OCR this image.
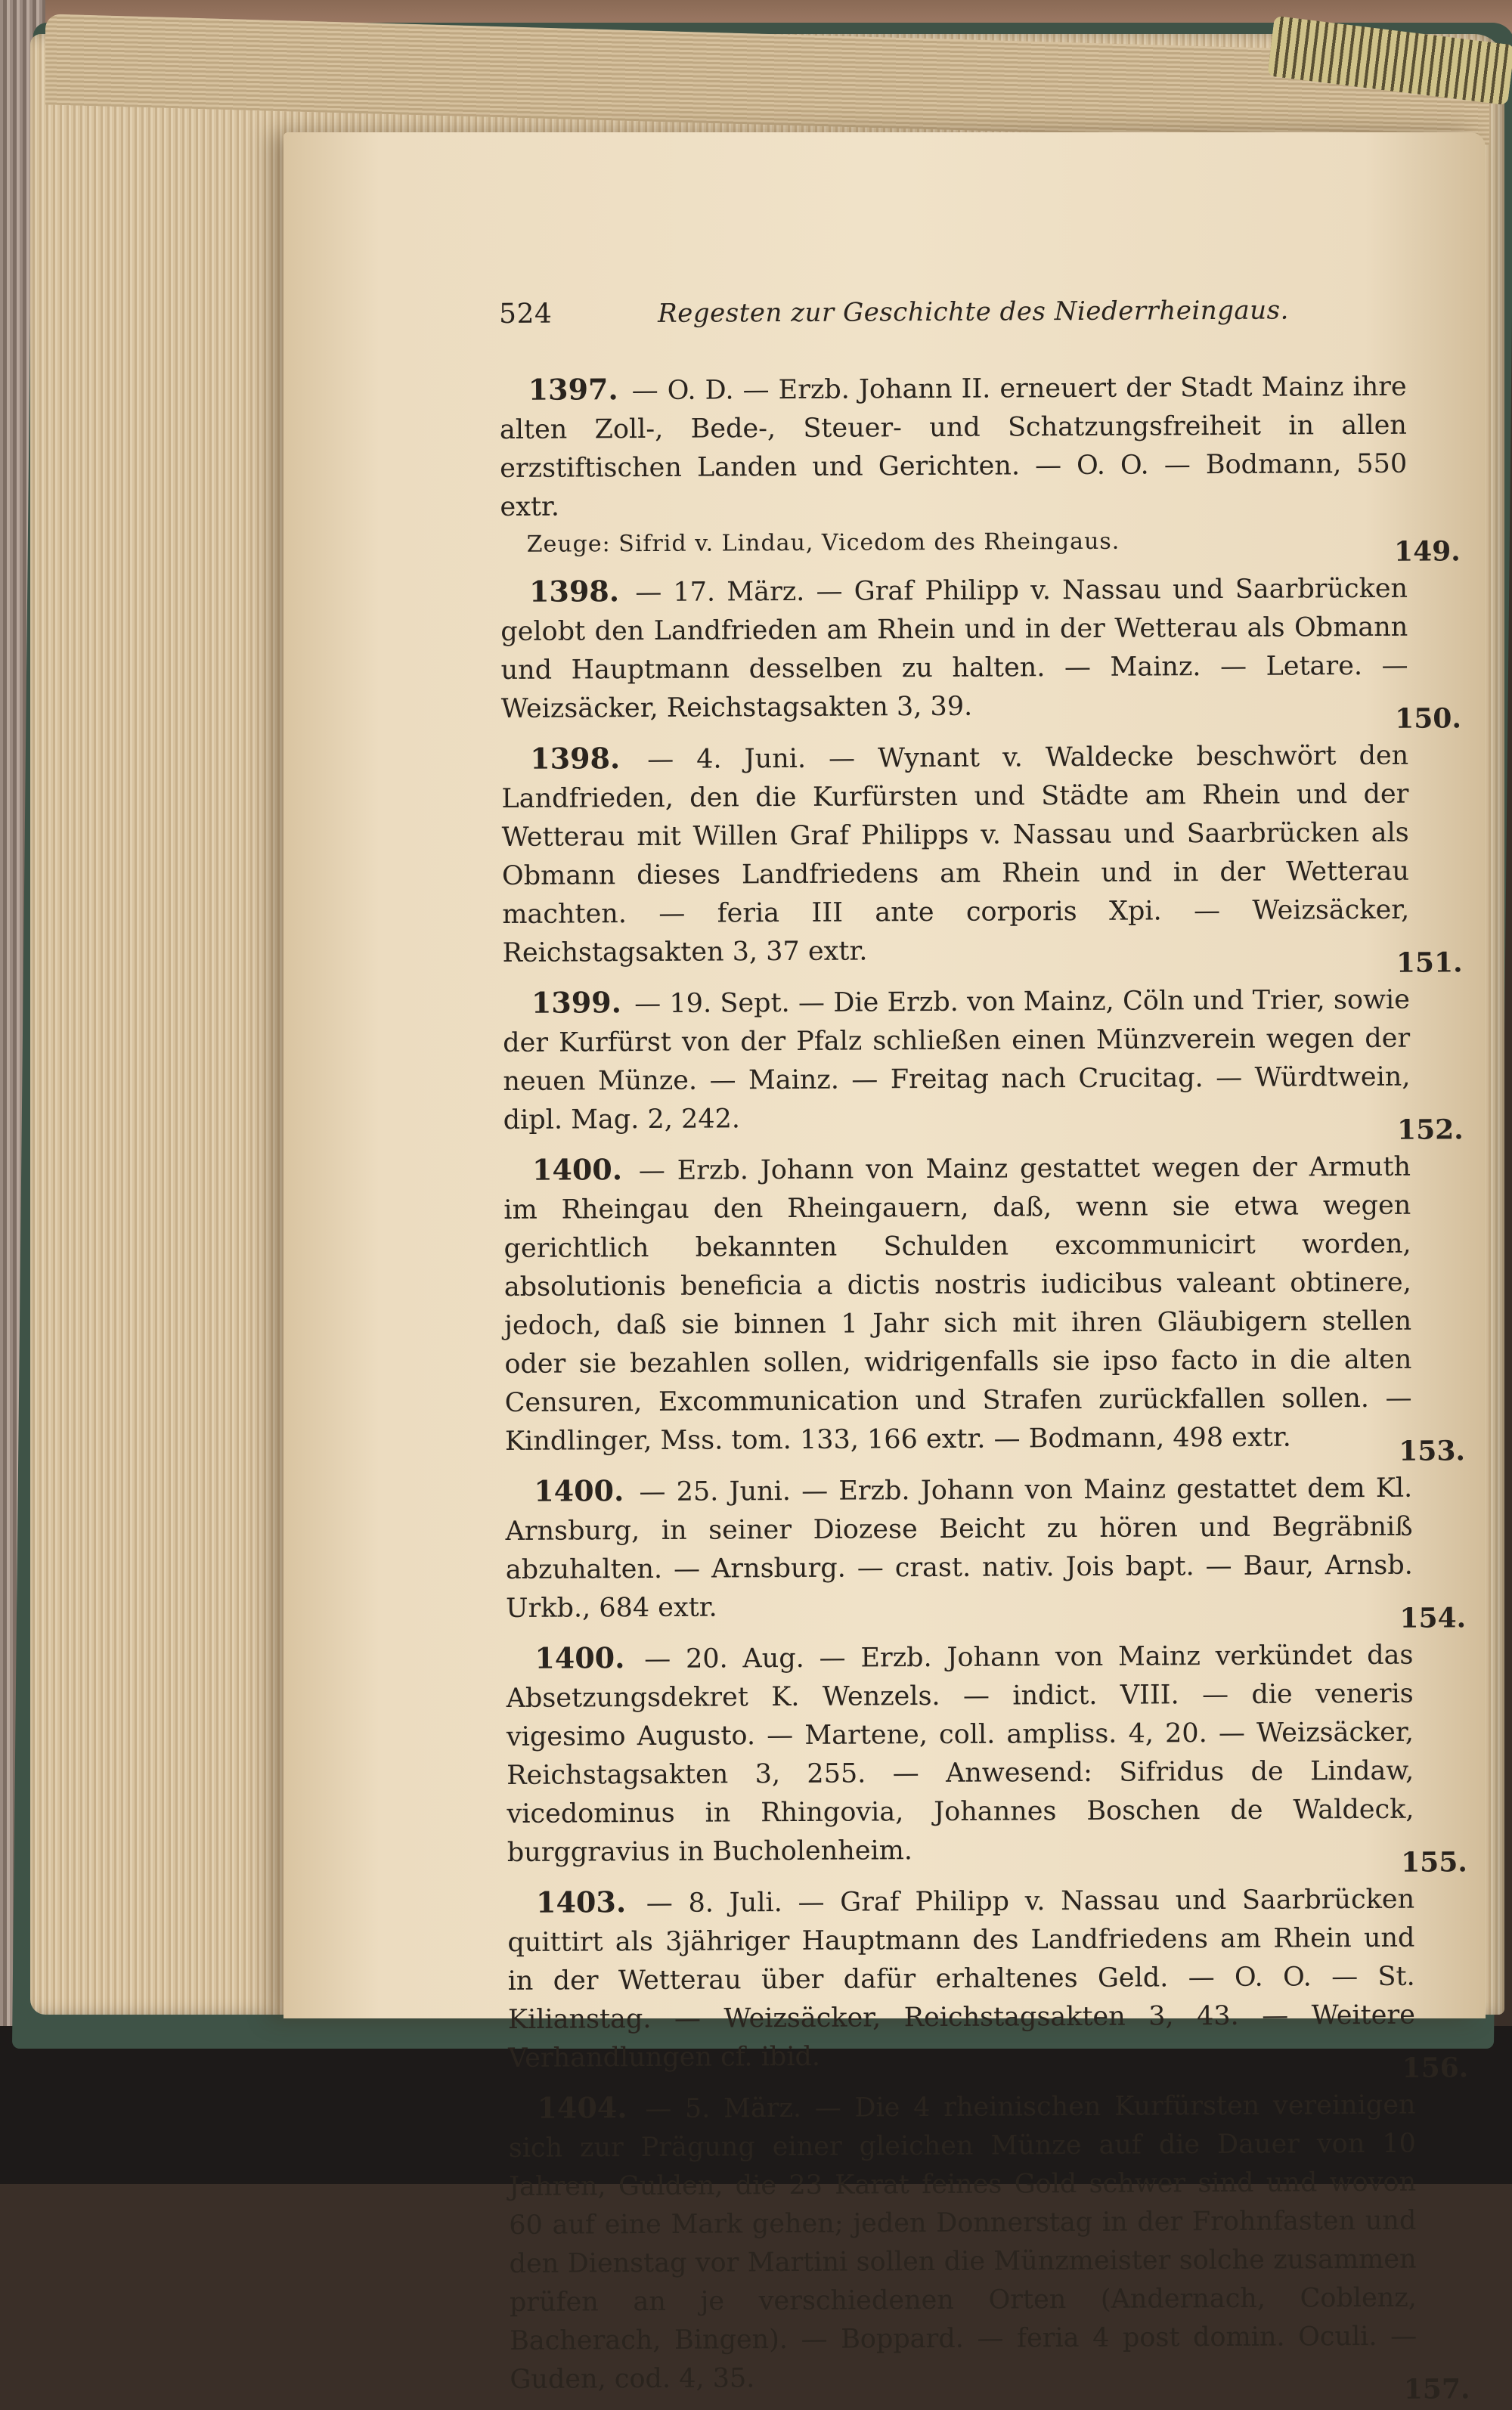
524	Regesten zur Geschichte des Niederrheingaus.

1397. — O. D. — Erzb. Johann II. erneuert der Stadt Mainz ihre alten Zoll-, Bede-, Steuer- und Schatzungsfreiheit in allen erzstiftischen Landen und Gerichten. — O. O. — Bodmann, 550 extr.

Zeuge: Sifrid v. Lindau, Vicedom des Rheingaus.	149.

1398. — 17. März. — Graf Philipp v. Nassau und Saarbrücken gelobt den Landfrieden am Rhein und in der Wetterau als Obmann und Hauptmann desselben zu halten. — Mainz. — Letare. — Weizsäcker, Reichstagsakten 3, 39.	150.

1398. — 4. Juni. — Wynant v. Waldecke beschwört den Landfrieden, den die Kurfürsten und Städte am Rhein und der Wetterau mit Willen Graf Philipps v. Nassau und Saarbrücken als Obmann dieses Landfriedens am Rhein und in der Wetterau machten. — feria III ante corporis Xpi. — Weizsäcker, Reichstagsakten 3, 37 extr.	151.

1399. — 19. Sept. — Die Erzb. von Mainz, Cöln und Trier, sowie der Kurfürst von der Pfalz schließen einen Münzverein wegen der neuen Münze. — Mainz. — Freitag nach Crucitag. — Würdtwein, dipl. Mag. 2, 242.	152.

1400. — Erzb. Johann von Mainz gestattet wegen der Armuth im Rheingau den Rheingauern, daß, wenn sie etwa wegen gerichtlich bekannten Schulden excommunicirt worden, absolutionis beneficia a dictis nostris iudicibus valeant obtinere, jedoch, daß sie binnen 1 Jahr sich mit ihren Gläubigern stellen oder sie bezahlen sollen, widrigenfalls sie ipso facto in die alten Censuren, Excommunication und Strafen zurückfallen sollen. — Kindlinger, Mss. tom. 133, 166 extr. — Bodmann, 498 extr.	153.

1400. — 25. Juni. — Erzb. Johann von Mainz gestattet dem Kl. Arnsburg, in seiner Diozese Beicht zu hören und Begräbniß abzuhalten. — Arnsburg. — crast. nativ. Jois bapt. — Baur, Arnsb. Urkb., 684 extr.	154.

1400. — 20. Aug. — Erzb. Johann von Mainz verkündet das Absetzungsdekret K. Wenzels. — indict. VIII. — die veneris vigesimo Augusto. — Martene, coll. ampliss. 4, 20. — Weizsäcker, Reichstagsakten 3, 255. — Anwesend: Sifridus de Lindaw, vicedominus in Rhingovia, Johannes Boschen de Waldeck, burggravius in Bucholenheim.	155.

1403. — 8. Juli. — Graf Philipp v. Nassau und Saarbrücken quittirt als 3jähriger Hauptmann des Landfriedens am Rhein und in der Wetterau über dafür erhaltenes Geld. — O. O. — St. Kilianstag. — Weizsäcker, Reichstagsakten 3, 43. — Weitere Verhandlungen cf. ibid.	156.

1404. — 5. März. — Die 4 rheinischen Kurfürsten vereinigen sich zur Prägung einer gleichen Münze auf die Dauer von 10 Jahren, Gulden, die 23 Karat feines Gold schwer sind und wovon 60 auf eine Mark gehen; jeden Donnerstag in der Frohnfasten und den Dienstag vor Martini sollen die Münzmeister solche zusammen prüfen an je verschiedenen Orten (Andernach, Coblenz, Bacherach, Bingen). — Boppard. — feria 4 post domin. Oculi. — Guden, cod. 4, 35.	157.
